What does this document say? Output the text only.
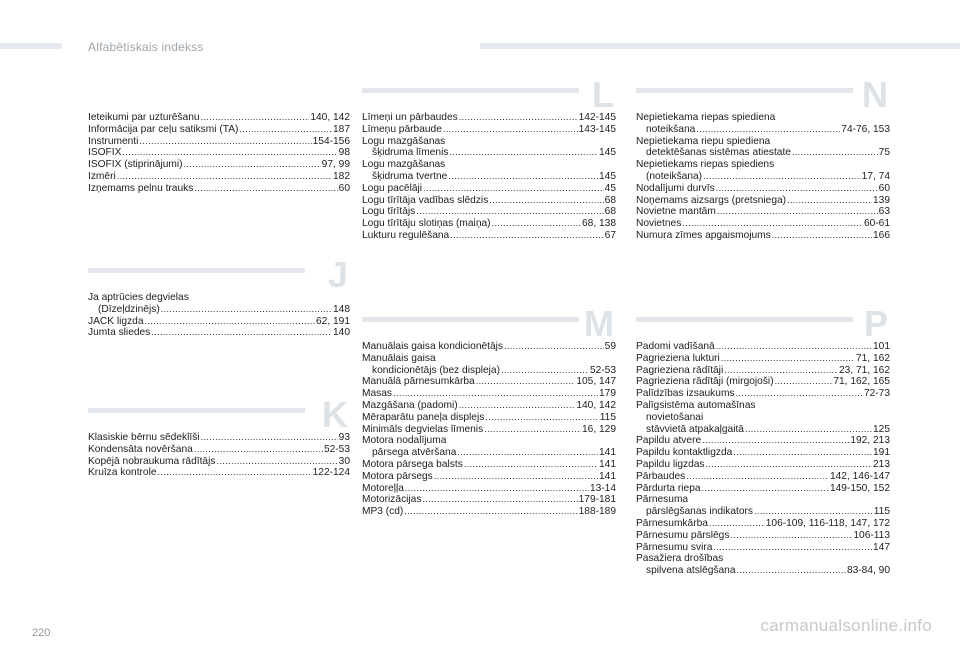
Alfabētiskais indekss
Ieteikumi par uzturēšanu .....	140, 142
Informācija par ceļu satiksmi (TA) .....	187
Instrumenti .....	154-156
ISOFIX .....	98
ISOFIX (stiprinājumi) .....	97, 99
Izmēri .....	182
Izņemams pelnu trauks .....	60
J
Ja aptrūcies degvielas
(Dīzeļdzinējs) .....	148
JACK ligzda .....	62, 191
Jumta sliedes .....	140
K
Klasiskie bērnu sēdeklīši .....	93
Kondensāta novēršana .....	52-53
Kopējā nobraukuma rādītājs .....	30
Kruīza kontrole .....	122-124
L
Līmeņi un pārbaudes .....	142-145
Līmeņu pārbaude .....	143-145
Logu mazgāšanas
šķidruma līmenis .....	145
Logu mazgāšanas
šķidruma tvertne .....	145
Logu pacēlāji .....	45
Logu tīrītāja vadības slēdzis .....	68
Logu tīrītājs .....	68
Logu tīrītāju slotiņas (maiņa) .....	68, 138
Lukturu regulēšana .....	67
M
Manuālais gaisa kondicionētājs .....	59
Manuālais gaisa
kondicionētājs (bez displeja) .....	52-53
Manuālā pārnesumkārba .....	105, 147
Masas .....	179
Mazgāšana (padomi) .....	140, 142
Mēraparātu paneļa displejs .....	115
Minimāls degvielas līmenis .....	16, 129
Motora nodalījuma
pārsega atvēršana .....	141
Motora pārsega balsts .....	141
Motora pārsegs .....	141
Motoreļļa .....	13-14
Motorizācijas .....	179-181
MP3 (cd) .....	188-189
N
Nepietiekama riepas spiediena
noteikšana .....	74-76, 153
Nepietiekama riepu spiediena
detektēšanas sistēmas atiestate .....	75
Nepietiekams riepas spiediens
(noteikšana) .....	17, 74
Nodalījumi durvīs .....	60
Noņemams aizsargs (pretsniega) .....	139
Novietne mantām .....	63
Novietnes .....	60-61
Numura zīmes apgaismojums .....	166
P
Padomi vadīšanā .....	101
Pagrieziena lukturi .....	71, 162
Pagrieziena rādītāji .....	23, 71, 162
Pagrieziena rādītāji (mirgojoši) .....	71, 162, 165
Palīdzības izsaukums .....	72-73
Palīgsistēma automašīnas
novietošanai
stāvvietā atpakaļgaitā .....	125
Papildu atvere .....	192, 213
Papildu kontaktligzda .....	191
Papildu ligzdas .....	213
Pārbaudes .....	142, 146-147
Pārdurta riepa .....	149-150, 152
Pārnesuma
pārslēgšanas indikators .....	115
Pārnesumkārba .....	106-109, 116-118, 147, 172
Pārnesumu pārslēgs .....	106-113
Pārnesumu svira .....	147
Pasažiera drošības
spilvena atslēgšana .....	83-84, 90
220	carmanualsonline.info
